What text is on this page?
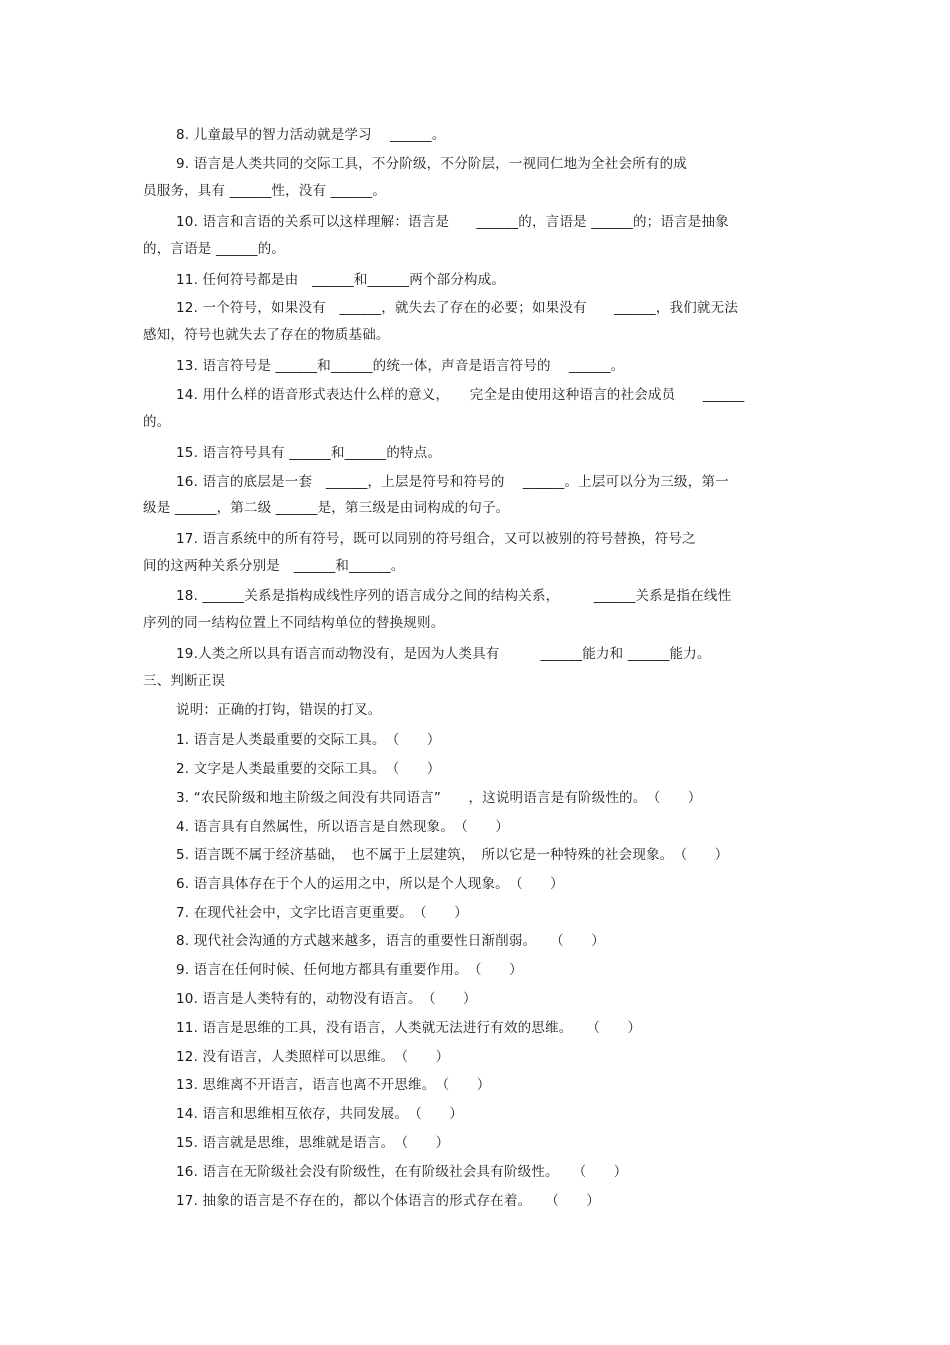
8. 儿童最早的智力活动就是学习　 ______。
9. 语言是人类共同的交际工具，不分阶级，不分阶层，一视同仁地为全社会所有的成
员服务，具有 ______性，没有 ______。
10. 语言和言语的关系可以这样理解：语言是　　______的，言语是 ______的；语言是抽象
的，言语是 ______的。
11. 任何符号都是由　______和______两个部分构成。
12. 一个符号，如果没有　______，就失去了存在的必要；如果没有　　______，我们就无法
感知，符号也就失去了存在的物质基础。
13. 语言符号是 ______和______的统一体，声音是语言符号的　 ______。
14. 用什么样的语音形式表达什么样的意义，　　完全是由使用这种语言的社会成员　　______
的。
15. 语言符号具有 ______和______的特点。
16. 语言的底层是一套　______，上层是符号和符号的　 ______。上层可以分为三级，第一
级是 ______，第二级 ______是，第三级是由词构成的句子。
17. 语言系统中的所有符号，既可以同别的符号组合，又可以被别的符号替换，符号之
间的这两种关系分别是　______和______。
18. ______关系是指构成线性序列的语言成分之间的结构关系，　　　______关系是指在线性
序列的同一结构位置上不同结构单位的替换规则。
19.人类之所以具有语言而动物没有，是因为人类具有　　　______能力和 ______能力。
三、判断正误
说明：正确的打钩，错误的打叉。
1. 语言是人类最重要的交际工具。　（　　）
2. 文字是人类最重要的交际工具。　（　　）
3. “农民阶级和地主阶级之间没有共同语言”　　，这说明语言是有阶级性的。　（　　）
4. 语言具有自然属性，所以语言是自然现象。　（　　）
5. 语言既不属于经济基础，　也不属于上层建筑，　所以它是一种特殊的社会现象。　（　　）
6. 语言具体存在于个人的运用之中，所以是个人现象。　（　　）
7. 在现代社会中，文字比语言更重要。　（　　）
8. 现代社会沟通的方式越来越多，语言的重要性日渐削弱。　　（　　）
9. 语言在任何时候、任何地方都具有重要作用。　（　　）
10. 语言是人类特有的，动物没有语言。　（　　）
11. 语言是思维的工具，没有语言，人类就无法进行有效的思维。　　（　　）
12. 没有语言，人类照样可以思维。　（　　）
13. 思维离不开语言，语言也离不开思维。　（　　）
14. 语言和思维相互依存，共同发展。　（　　）
15. 语言就是思维，思维就是语言。　（　　）
16. 语言在无阶级社会没有阶级性，在有阶级社会具有阶级性。　　（　　）
17. 抽象的语言是不存在的，都以个体语言的形式存在着。　　（　　）
